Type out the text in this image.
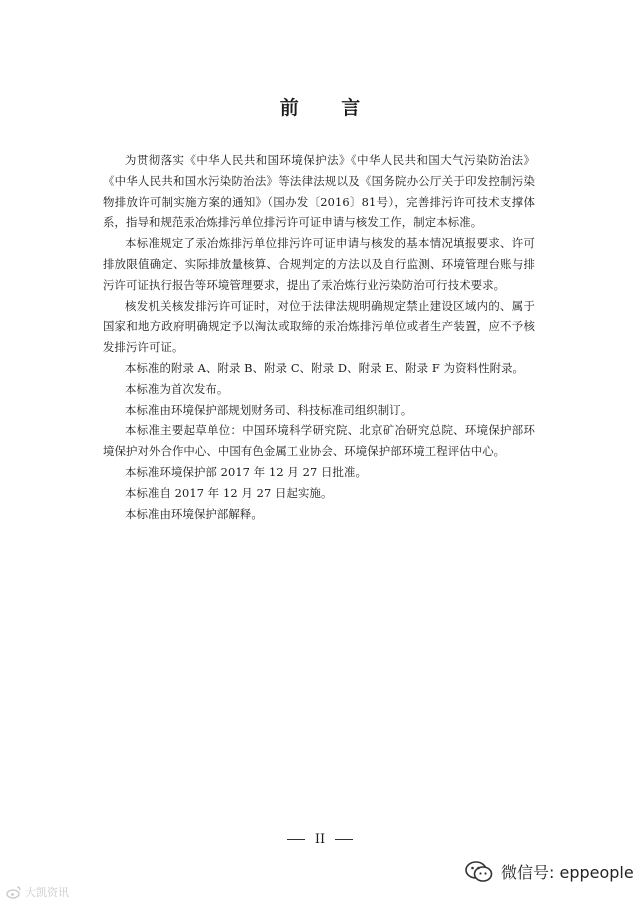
前 言

为贯彻落实《中华人民共和国环境保护法》《中华人民共和国大气污染防治法》《中华人民共和国水污染防治法》等法律法规以及《国务院办公厅关于印发控制污染物排放许可制实施方案的通知》（国办发〔2016〕81号），完善排污许可技术支撑体系，指导和规范汞冶炼排污单位排污许可证申请与核发工作，制定本标准。

本标准规定了汞冶炼排污单位排污许可证申请与核发的基本情况填报要求、许可排放限值确定、实际排放量核算、合规判定的方法以及自行监测、环境管理台账与排污许可证执行报告等环境管理要求，提出了汞冶炼行业污染防治可行技术要求。

核发机关核发排污许可证时，对位于法律法规明确规定禁止建设区域内的、属于国家和地方政府明确规定予以淘汰或取缔的汞冶炼排污单位或者生产装置，应不予核发排污许可证。

本标准的附录 A、附录 B、附录 C、附录 D、附录 E、附录 F 为资料性附录。

本标准为首次发布。

本标准由环境保护部规划财务司、科技标准司组织制订。

本标准主要起草单位：中国环境科学研究院、北京矿冶研究总院、环境保护部环境保护对外合作中心、中国有色金属工业协会、环境保护部环境工程评估中心。

本标准环境保护部 2017 年 12 月 27 日批准。

本标准自 2017 年 12 月 27 日起实施。

本标准由环境保护部解释。

II
微信号: eppeople
大凯资讯
